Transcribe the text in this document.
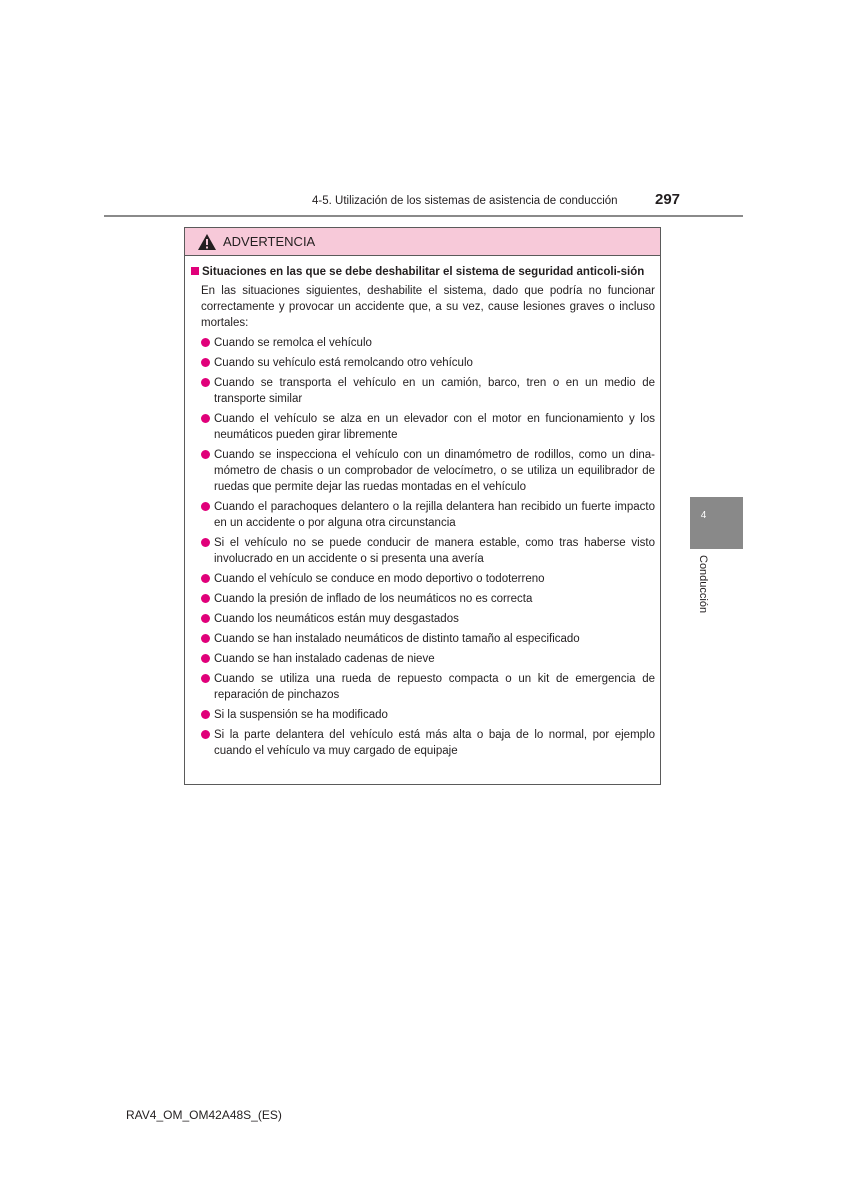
4-5. Utilización de los sistemas de asistencia de conducción 297
ADVERTENCIA
Situaciones en las que se debe deshabilitar el sistema de seguridad anticoli-sión
En las situaciones siguientes, deshabilite el sistema, dado que podría no funcionar correctamente y provocar un accidente que, a su vez, cause lesiones graves o incluso mortales:
Cuando se remolca el vehículo
Cuando su vehículo está remolcando otro vehículo
Cuando se transporta el vehículo en un camión, barco, tren o en un medio de transporte similar
Cuando el vehículo se alza en un elevador con el motor en funcionamiento y los neumáticos pueden girar libremente
Cuando se inspecciona el vehículo con un dinamómetro de rodillos, como un dina-mómetro de chasis o un comprobador de velocímetro, o se utiliza un equilibrador de ruedas que permite dejar las ruedas montadas en el vehículo
Cuando el parachoques delantero o la rejilla delantera han recibido un fuerte impacto en un accidente o por alguna otra circunstancia
Si el vehículo no se puede conducir de manera estable, como tras haberse visto involucrado en un accidente o si presenta una avería
Cuando el vehículo se conduce en modo deportivo o todoterreno
Cuando la presión de inflado de los neumáticos no es correcta
Cuando los neumáticos están muy desgastados
Cuando se han instalado neumáticos de distinto tamaño al especificado
Cuando se han instalado cadenas de nieve
Cuando se utiliza una rueda de repuesto compacta o un kit de emergencia de reparación de pinchazos
Si la suspensión se ha modificado
Si la parte delantera del vehículo está más alta o baja de lo normal, por ejemplo cuando el vehículo va muy cargado de equipaje
4
Conducción
RAV4_OM_OM42A48S_(ES)
